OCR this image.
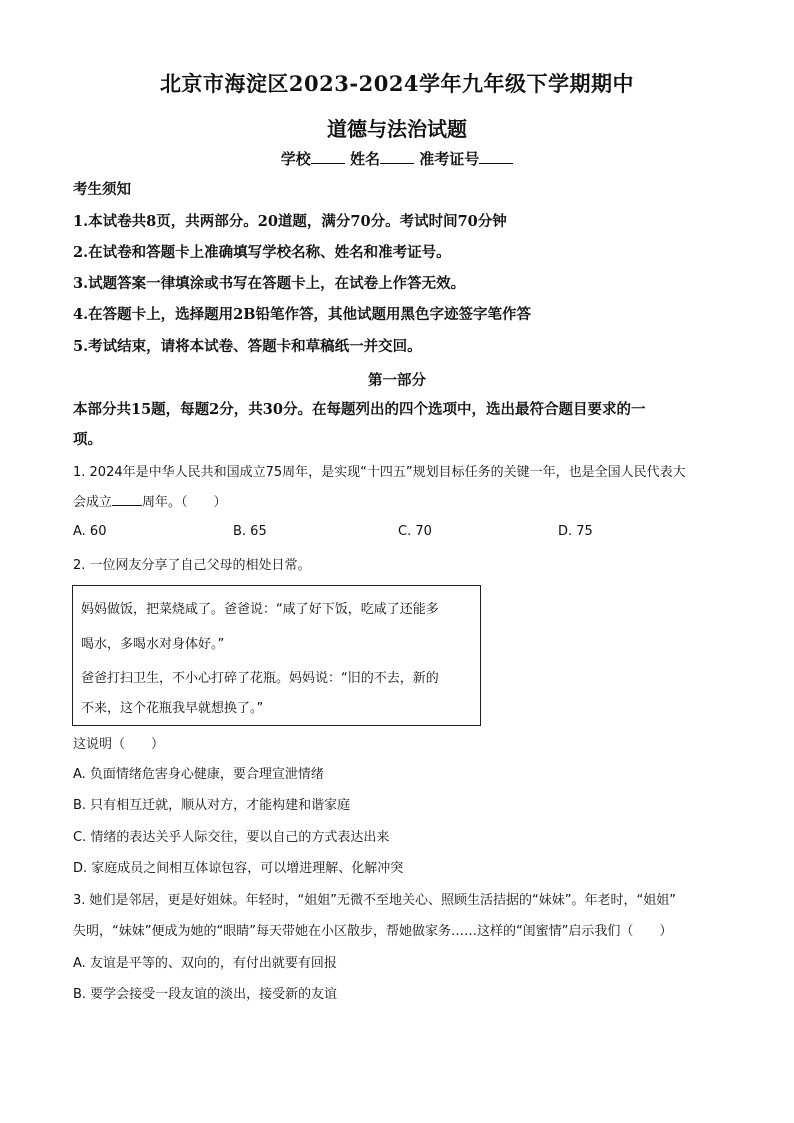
北京市海淀区2023-2024学年九年级下学期期中
道德与法治试题
学校	姓名	准考证号
考生须知
1.本试卷共8页，共两部分。20道题，满分70分。考试时间70分钟
2.在试卷和答题卡上准确填写学校名称、姓名和准考证号。
3.试题答案一律填涂或书写在答题卡上，在试卷上作答无效。
4.在答题卡上，选择题用2B铅笔作答，其他试题用黑色字迹签字笔作答
5.考试结束，请将本试卷、答题卡和草稿纸一并交回。
第一部分
本部分共15题，每题2分，共30分。在每题列出的四个选项中，选出最符合题目要求的一
项。
1. 2024年是中华人民共和国成立75周年，是实现“十四五”规划目标任务的关键一年，也是全国人民代表大
会成立 周年。（　　）
A. 60	B. 65	C. 70	D. 75
2. 一位网友分享了自己父母的相处日常。
妈妈做饭，把菜烧咸了。爸爸说：“咸了好下饭，吃咸了还能多
喝水，多喝水对身体好。”
爸爸打扫卫生，不小心打碎了花瓶。妈妈说：“旧的不去，新的
不来，这个花瓶我早就想换了。”
这说明（　　）
A. 负面情绪危害身心健康，要合理宣泄情绪
B. 只有相互迁就，顺从对方，才能构建和谐家庭
C. 情绪的表达关乎人际交往，要以自己的方式表达出来
D. 家庭成员之间相互体谅包容，可以增进理解、化解冲突
3. 她们是邻居，更是好姐妹。年轻时，“姐姐”无微不至地关心、照顾生活拮据的“妹妹”。年老时，“姐姐”
失明，“妹妹”便成为她的“眼睛”每天带她在小区散步，帮她做家务……这样的“闺蜜情”启示我们（　　）
A. 友谊是平等的、双向的，有付出就要有回报
B. 要学会接受一段友谊的淡出，接受新的友谊
